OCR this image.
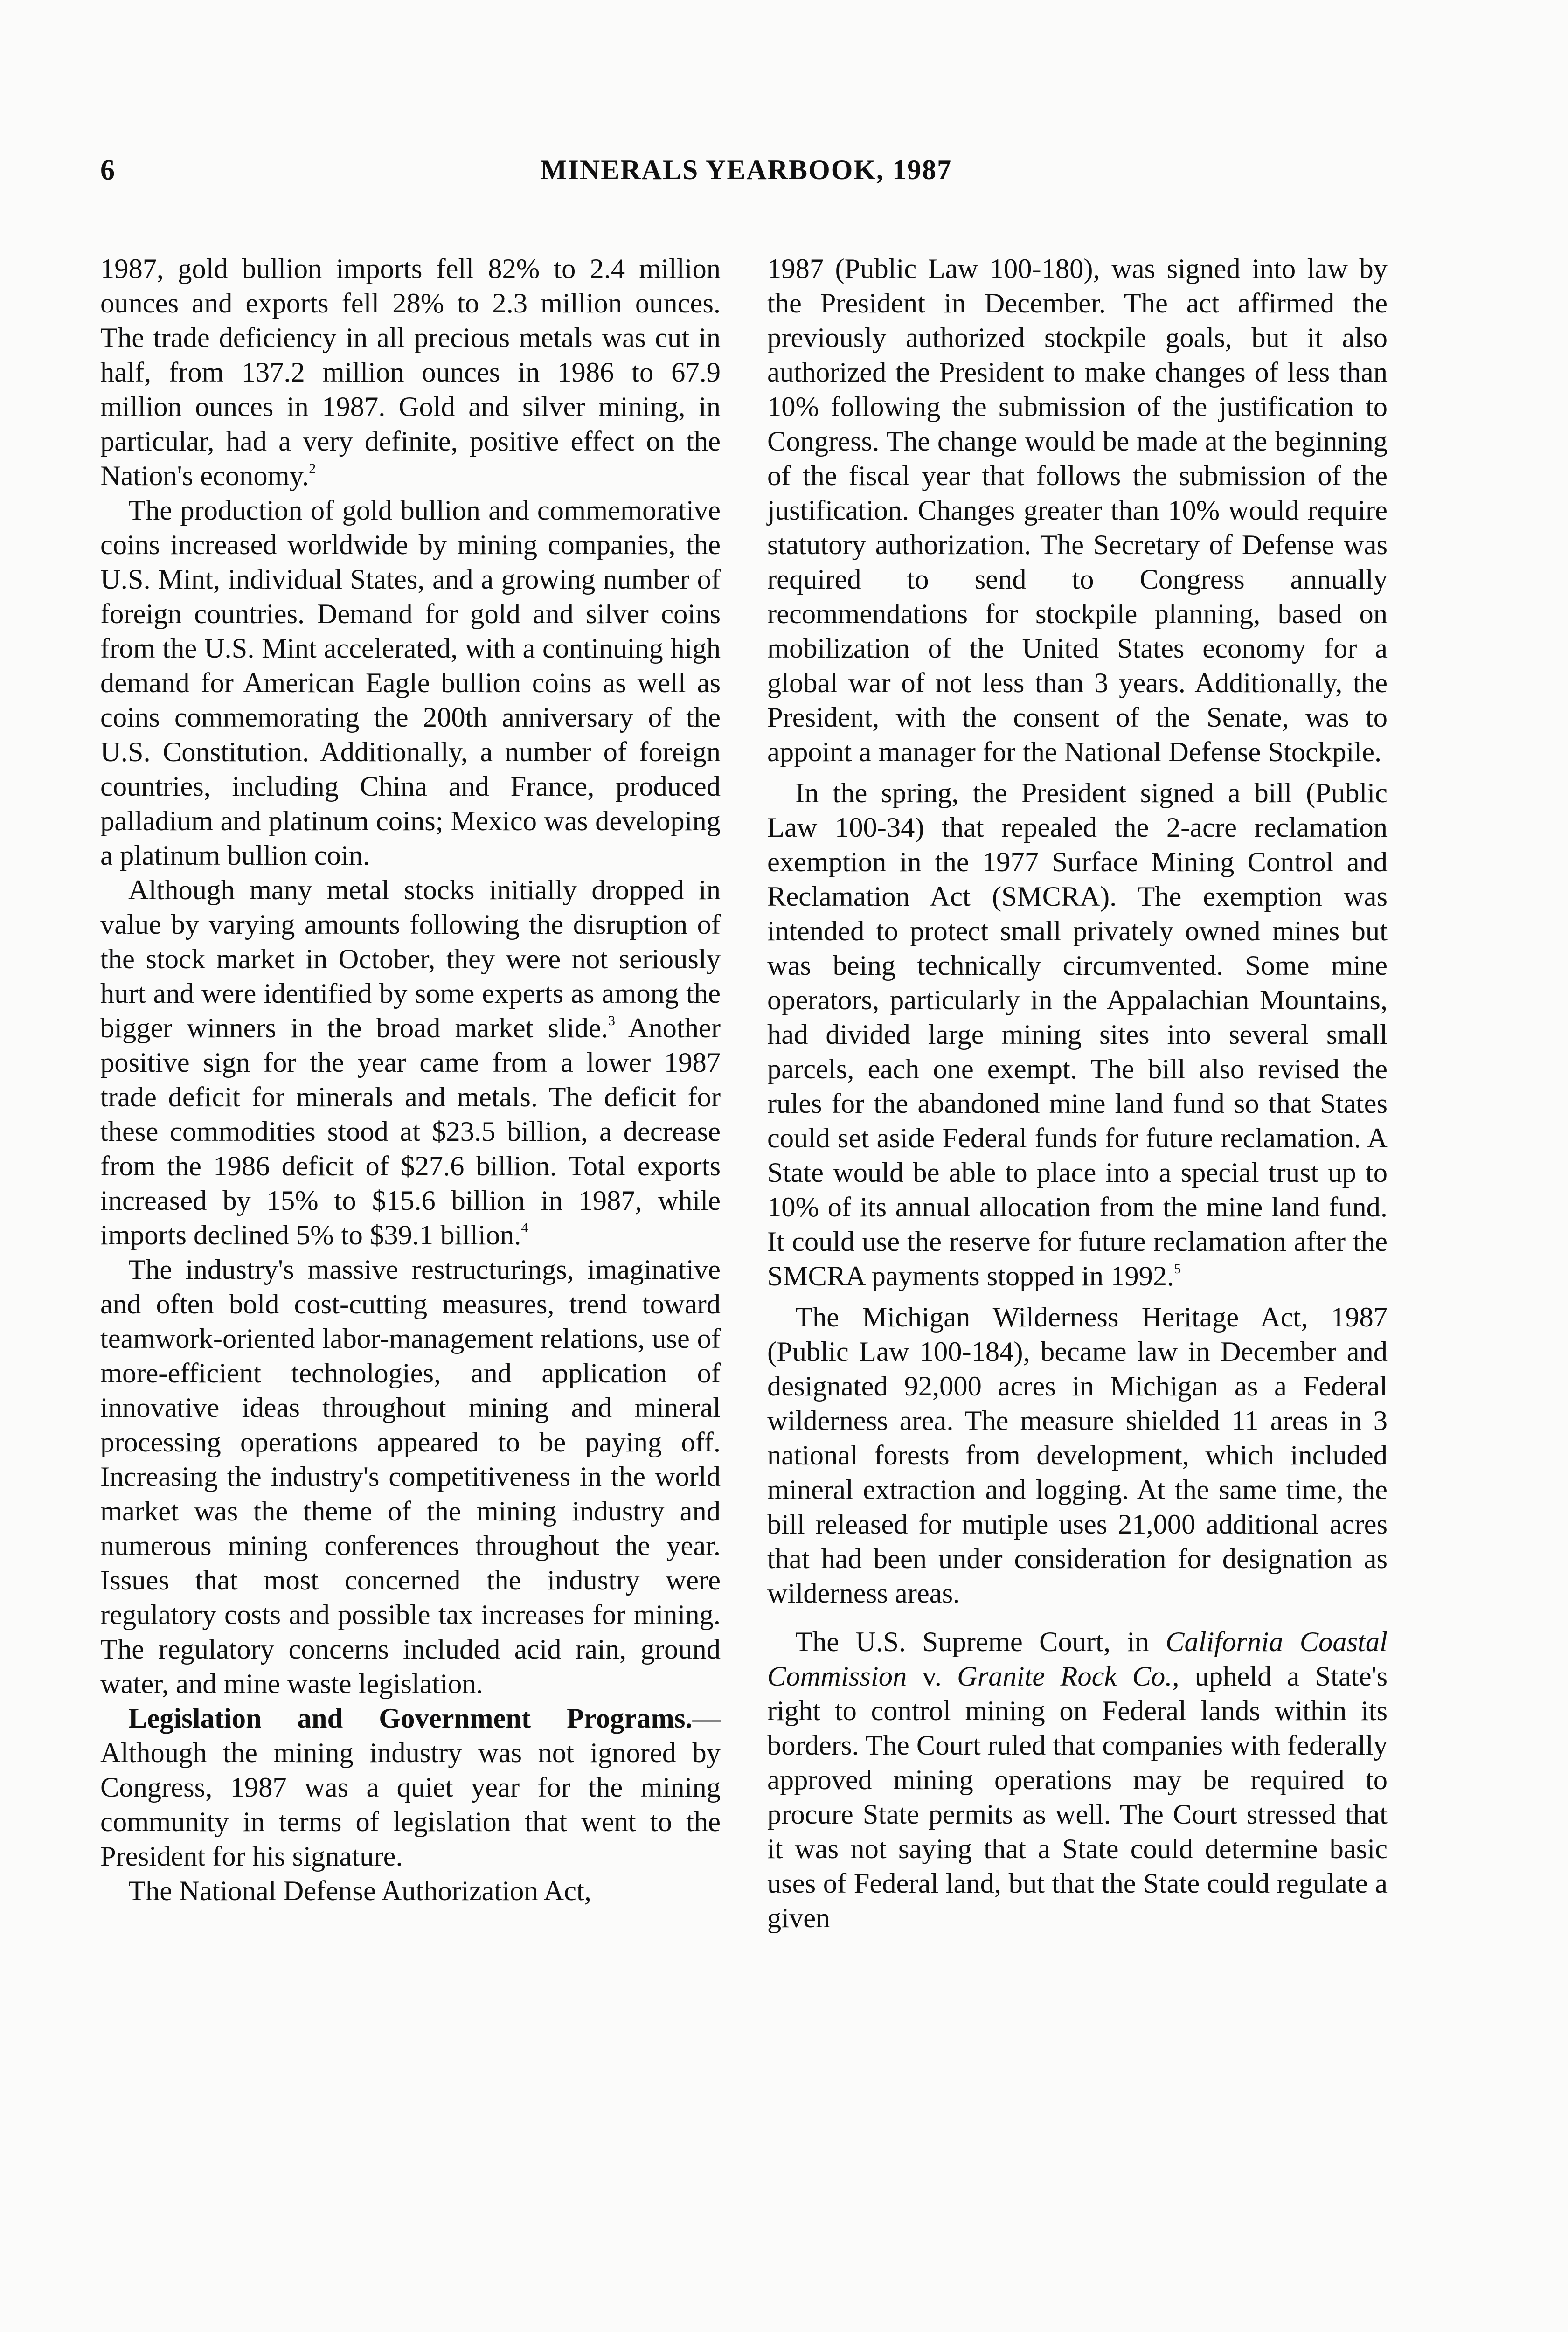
6	MINERALS YEARBOOK, 1987

1987, gold bullion imports fell 82% to 2.4 million ounces and exports fell 28% to 2.3 million ounces. The trade deficiency in all precious metals was cut in half, from 137.2 million ounces in 1986 to 67.9 million ounces in 1987. Gold and silver mining, in particular, had a very definite, positive effect on the Nation's economy.$^2$

The production of gold bullion and commemorative coins increased worldwide by mining companies, the U.S. Mint, individual States, and a growing number of foreign countries. Demand for gold and silver coins from the U.S. Mint accelerated, with a continuing high demand for American Eagle bullion coins as well as coins commemorating the 200th anniversary of the U.S. Constitution. Additionally, a number of foreign countries, including China and France, produced palladium and platinum coins; Mexico was developing a platinum bullion coin.

Although many metal stocks initially dropped in value by varying amounts following the disruption of the stock market in October, they were not seriously hurt and were identified by some experts as among the bigger winners in the broad market slide.$^3$ Another positive sign for the year came from a lower 1987 trade deficit for minerals and metals. The deficit for these commodities stood at $23.5 billion, a decrease from the 1986 deficit of $27.6 billion. Total exports increased by 15% to $15.6 billion in 1987, while imports declined 5% to $39.1 billion.$^4$

The industry's massive restructurings, imaginative and often bold cost-cutting measures, trend toward teamwork-oriented labor-management relations, use of more-efficient technologies, and application of innovative ideas throughout mining and mineral processing operations appeared to be paying off. Increasing the industry's competitiveness in the world market was the theme of the mining industry and numerous mining conferences throughout the year. Issues that most concerned the industry were regulatory costs and possible tax increases for mining. The regulatory concerns included acid rain, ground water, and mine waste legislation.

Legislation and Government Programs.—Although the mining industry was not ignored by Congress, 1987 was a quiet year for the mining community in terms of legislation that went to the President for his signature.

The National Defense Authorization Act,

1987 (Public Law 100-180), was signed into law by the President in December. The act affirmed the previously authorized stockpile goals, but it also authorized the President to make changes of less than 10% following the submission of the justification to Congress. The change would be made at the beginning of the fiscal year that follows the submission of the justification. Changes greater than 10% would require statutory authorization. The Secretary of Defense was required to send to Congress annually recommendations for stockpile planning, based on mobilization of the United States economy for a global war of not less than 3 years. Additionally, the President, with the consent of the Senate, was to appoint a manager for the National Defense Stockpile.

In the spring, the President signed a bill (Public Law 100-34) that repealed the 2-acre reclamation exemption in the 1977 Surface Mining Control and Reclamation Act (SMCRA). The exemption was intended to protect small privately owned mines but was being technically circumvented. Some mine operators, particularly in the Appalachian Mountains, had divided large mining sites into several small parcels, each one exempt. The bill also revised the rules for the abandoned mine land fund so that States could set aside Federal funds for future reclamation. A State would be able to place into a special trust up to 10% of its annual allocation from the mine land fund. It could use the reserve for future reclamation after the SMCRA payments stopped in 1992.$^5$

The Michigan Wilderness Heritage Act, 1987 (Public Law 100-184), became law in December and designated 92,000 acres in Michigan as a Federal wilderness area. The measure shielded 11 areas in 3 national forests from development, which included mineral extraction and logging. At the same time, the bill released for mutiple uses 21,000 additional acres that had been under consideration for designation as wilderness areas.

The U.S. Supreme Court, in California Coastal Commission v. Granite Rock Co., upheld a State's right to control mining on Federal lands within its borders. The Court ruled that companies with federally approved mining operations may be required to procure State permits as well. The Court stressed that it was not saying that a State could determine basic uses of Federal land, but that the State could regulate a given
